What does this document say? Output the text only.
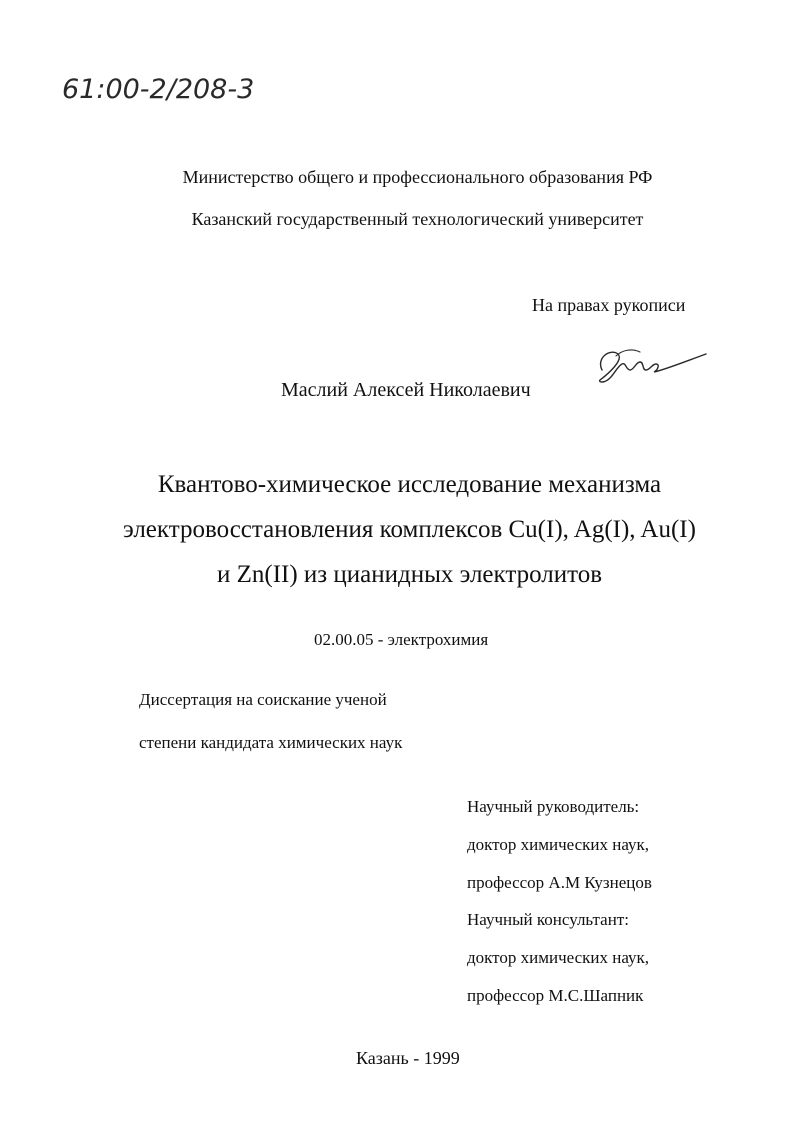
61:00-2/208-3
Министерство общего и профессионального образования РФ
Казанский государственный технологический университет
На правах рукописи
Маслий Алексей Николаевич
Квантово-химическое исследование механизма
электровосстановления комплексов Cu(I), Ag(I), Au(I)
и Zn(II) из цианидных электролитов
02.00.05 - электрохимия
Диссертация на соискание ученой
степени кандидата химических наук
Научный руководитель:
доктор химических наук,
профессор А.М Кузнецов
Научный консультант:
доктор химических наук,
профессор М.С.Шапник
Казань - 1999
